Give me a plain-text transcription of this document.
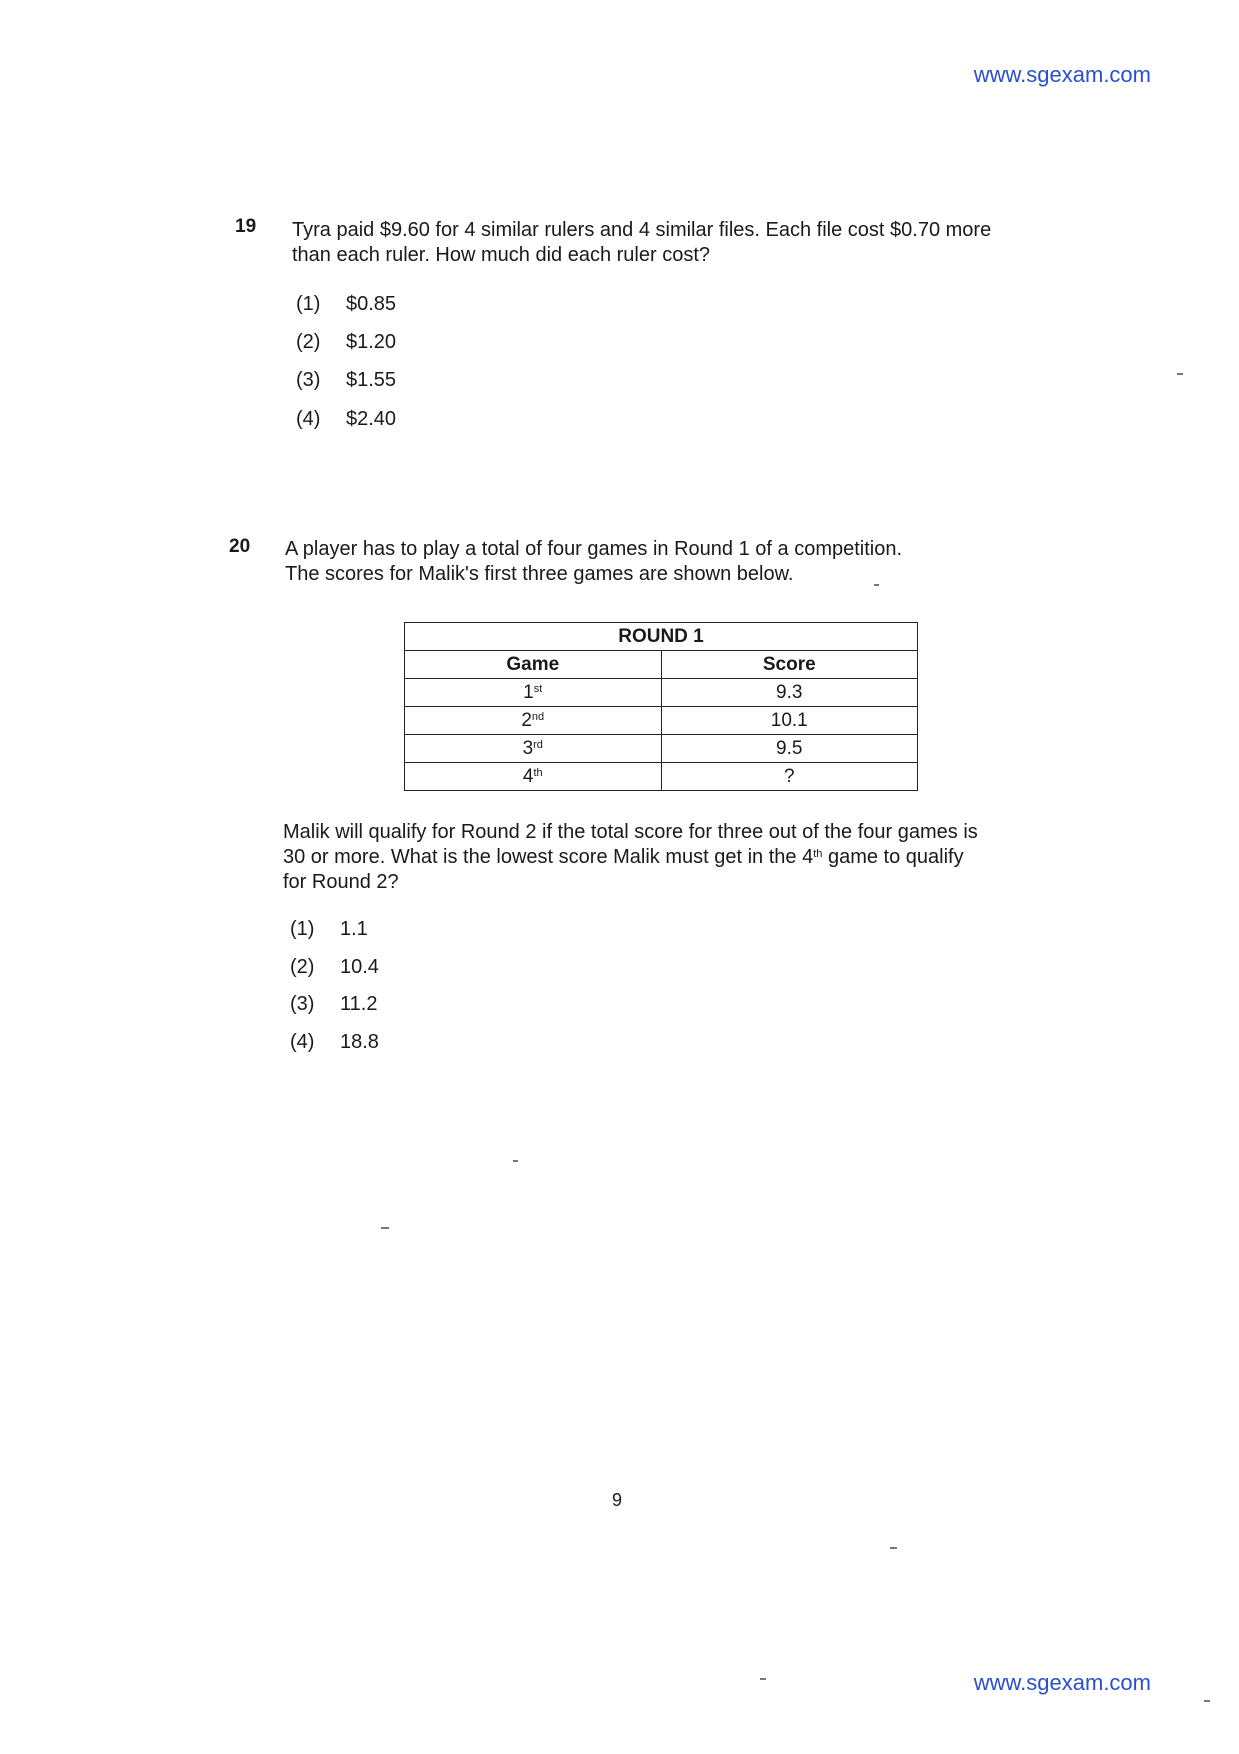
www.sgexam.com
19 Tyra paid $9.60 for 4 similar rulers and 4 similar files. Each file cost $0.70 more
than each ruler. How much did each ruler cost?
(1) $0.85
(2) $1.20
(3) $1.55
(4) $2.40
20 A player has to play a total of four games in Round 1 of a competition.
The scores for Malik's first three games are shown below.
ROUND 1	
Game	Score
1st	9.3
2nd	10.1
3rd	9.5
4th	?
Malik will qualify for Round 2 if the total score for three out of the four games is
30 or more. What is the lowest score Malik must get in the 4th game to qualify
for Round 2?
(1) 1.1
(2) 10.4
(3) 11.2
(4) 18.8
9
www.sgexam.com
